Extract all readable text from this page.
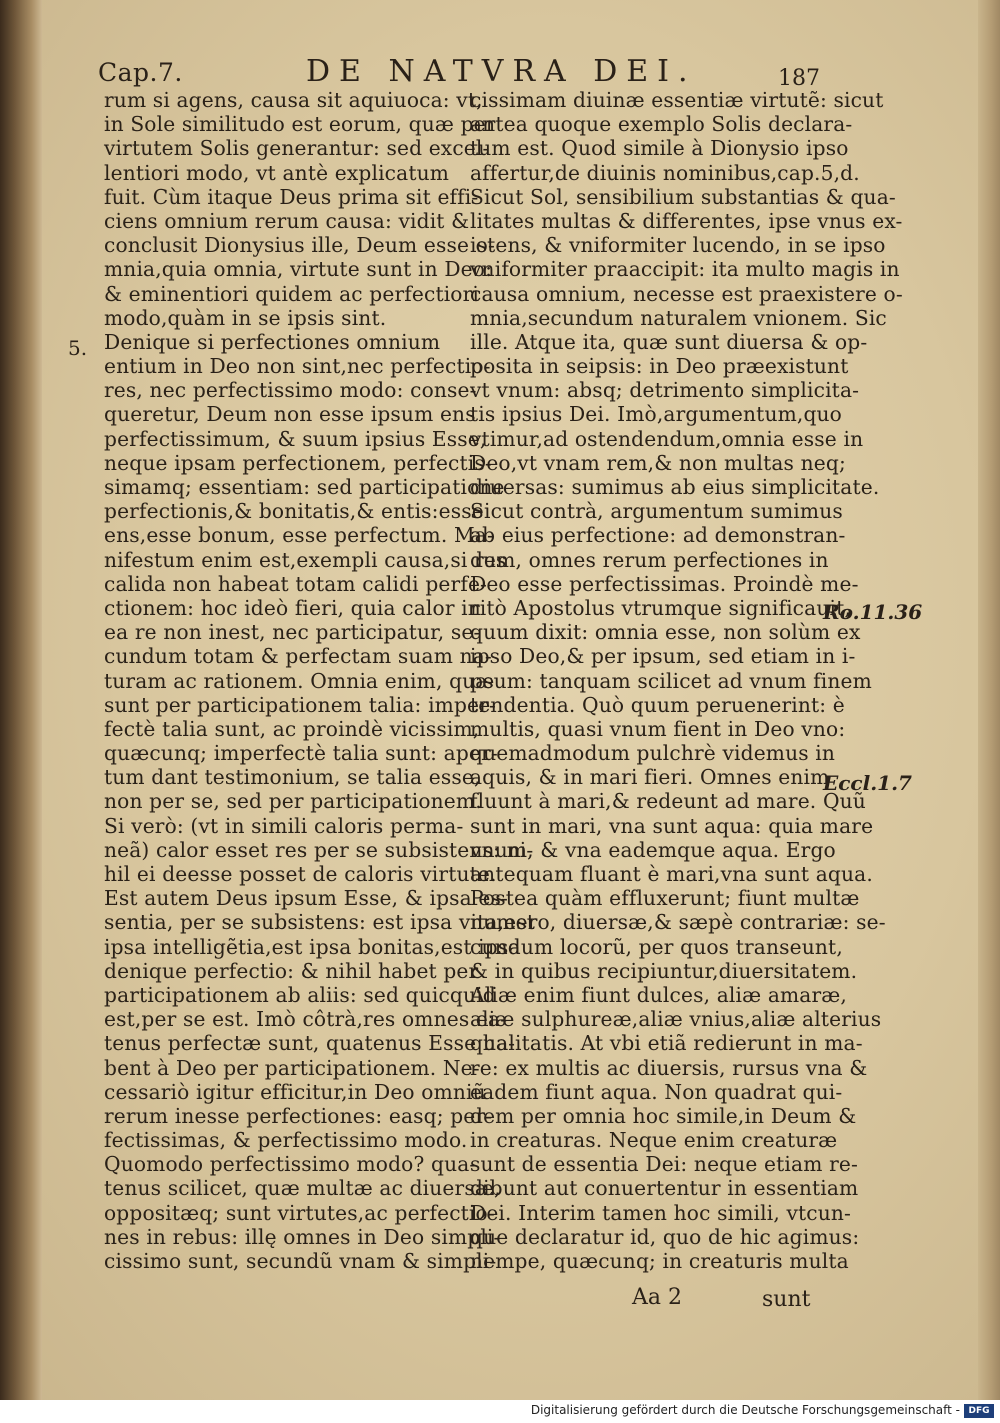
Cap.7.	DE NATVRA DEI.	187
5.
rum si agens, causa sit aquiuoca: vt,
in Sole similitudo est eorum, quæ per
virtutem Solis generantur: sed excel-
lentiori modo, vt antè explicatum
fuit. Cùm itaque Deus prima sit effi-
ciens omnium rerum causa: vidit &
conclusit Dionysius ille, Deum esse o-
mnia,quia omnia, virtute sunt in Deo:
& eminentiori quidem ac perfectiori
modo,quàm in se ipsis sint.
Denique si perfectiones omnium
entium in Deo non sint,nec perfectio-
res, nec perfectissimo modo: conse-
queretur, Deum non esse ipsum ens
perfectissimum, & suum ipsius Esse,
neque ipsam perfectionem, perfectis-
simamq; essentiam: sed participatione
perfectionis,& bonitatis,& entis:esse
ens,esse bonum, esse perfectum. Ma-
nifestum enim est,exempli causa,si res
calida non habeat totam calidi perfe-
ctionem: hoc ideò fieri, quia calor in
ea re non inest, nec participatur, se-
cundum totam & perfectam suam na-
turam ac rationem. Omnia enim, quæ
sunt per participationem talia: imper-
fectè talia sunt, ac proindè vicissim,
quæcunq; imperfectè talia sunt: aper-
tum dant testimonium, se talia esse,
non per se, sed per participationem.
Si verò: (vt in simili caloris perma-
neã) calor esset res per se subsistens: ni-
hil ei deesse posset de caloris virtute.
Est autem Deus ipsum Esse, & ipsa es-
sentia, per se subsistens: est ipsa vita,est
ipsa intelligẽtia,est ipsa bonitas,est ipsa
denique perfectio: & nihil habet per
participationem ab aliis: sed quicquid
est,per se est. Imò côtrà,res omnes ea-
tenus perfectæ sunt, quatenus Esse ha-
bent à Deo per participationem. Ne-
cessariò igitur efficitur,in Deo omniũ
rerum inesse perfectiones: easq; per-
fectissimas, & perfectissimo modo.
Quomodo perfectissimo modo? qua-
tenus scilicet, quæ multæ ac diuersæ,
oppositæq; sunt virtutes,ac perfectio-
nes in rebus: illę omnes in Deo simpli-
cissimo sunt, secundũ vnam & simpli-
cissimam diuinæ essentiæ virtutẽ: sicut
antea quoque exemplo Solis declara-
tum est. Quod simile à Dionysio ipso
affertur,de diuinis nominibus,cap.5,d.
Sicut Sol, sensibilium substantias & qua-
litates multas & differentes, ipse vnus ex-
istens, & vniformiter lucendo, in se ipso
vniformiter praaccipit: ita multo magis in
causa omnium, necesse est praexistere o-
mnia,secundum naturalem vnionem. Sic
ille. Atque ita, quæ sunt diuersa & op-
posita in seipsis: in Deo præexistunt
vt vnum: absq; detrimento simplicita-
tis ipsius Dei. Imò,argumentum,quo
vtimur,ad ostendendum,omnia esse in
Deo,vt vnam rem,& non multas neq;
diuersas: sumimus ab eius simplicitate.
Sicut contrà, argumentum sumimus
ab eius perfectione: ad demonstran-
dum, omnes rerum perfectiones in
Deo esse perfectissimas. Proindè me-
ritò Apostolus vtrumque significauit,
quum dixit: omnia esse, non solùm ex
ipso Deo,& per ipsum, sed etiam in i-
psum: tanquam scilicet ad vnum finem
tendentia. Quò quum peruenerint: è
multis, quasi vnum fient in Deo vno:
quemadmodum pulchrè videmus in
aquis, & in mari fieri. Omnes enim
fluunt à mari,& redeunt ad mare. Quũ
sunt in mari, vna sunt aqua: quia mare
vnum, & vna eademque aqua. Ergo
antequam fluant è mari,vna sunt aqua.
Postea quàm effluxerunt; fiunt multæ
numero, diuersæ,& sæpè contrariæ: se-
cundum locorũ, per quos transeunt,
& in quibus recipiuntur,diuersitatem.
Aliæ enim fiunt dulces, aliæ amaræ,
aliæ sulphureæ,aliæ vnius,aliæ alterius
qualitatis. At vbi etiã redierunt in ma-
re: ex multis ac diuersis, rursus vna &
eadem fiunt aqua. Non quadrat qui-
dem per omnia hoc simile,in Deum &
in creaturas. Neque enim creaturæ
sunt de essentia Dei: neque etiam re-
dibunt aut conuertentur in essentiam
Dei. Interim tamen hoc simili, vtcun-
que declaratur id, quo de hic agimus:
nempe, quæcunq; in creaturis multa
Ro.11.36
Eccl.1.7
Aa 2	sunt
Digitalisierung gefördert durch die Deutsche Forschungsgemeinschaft - DFG
